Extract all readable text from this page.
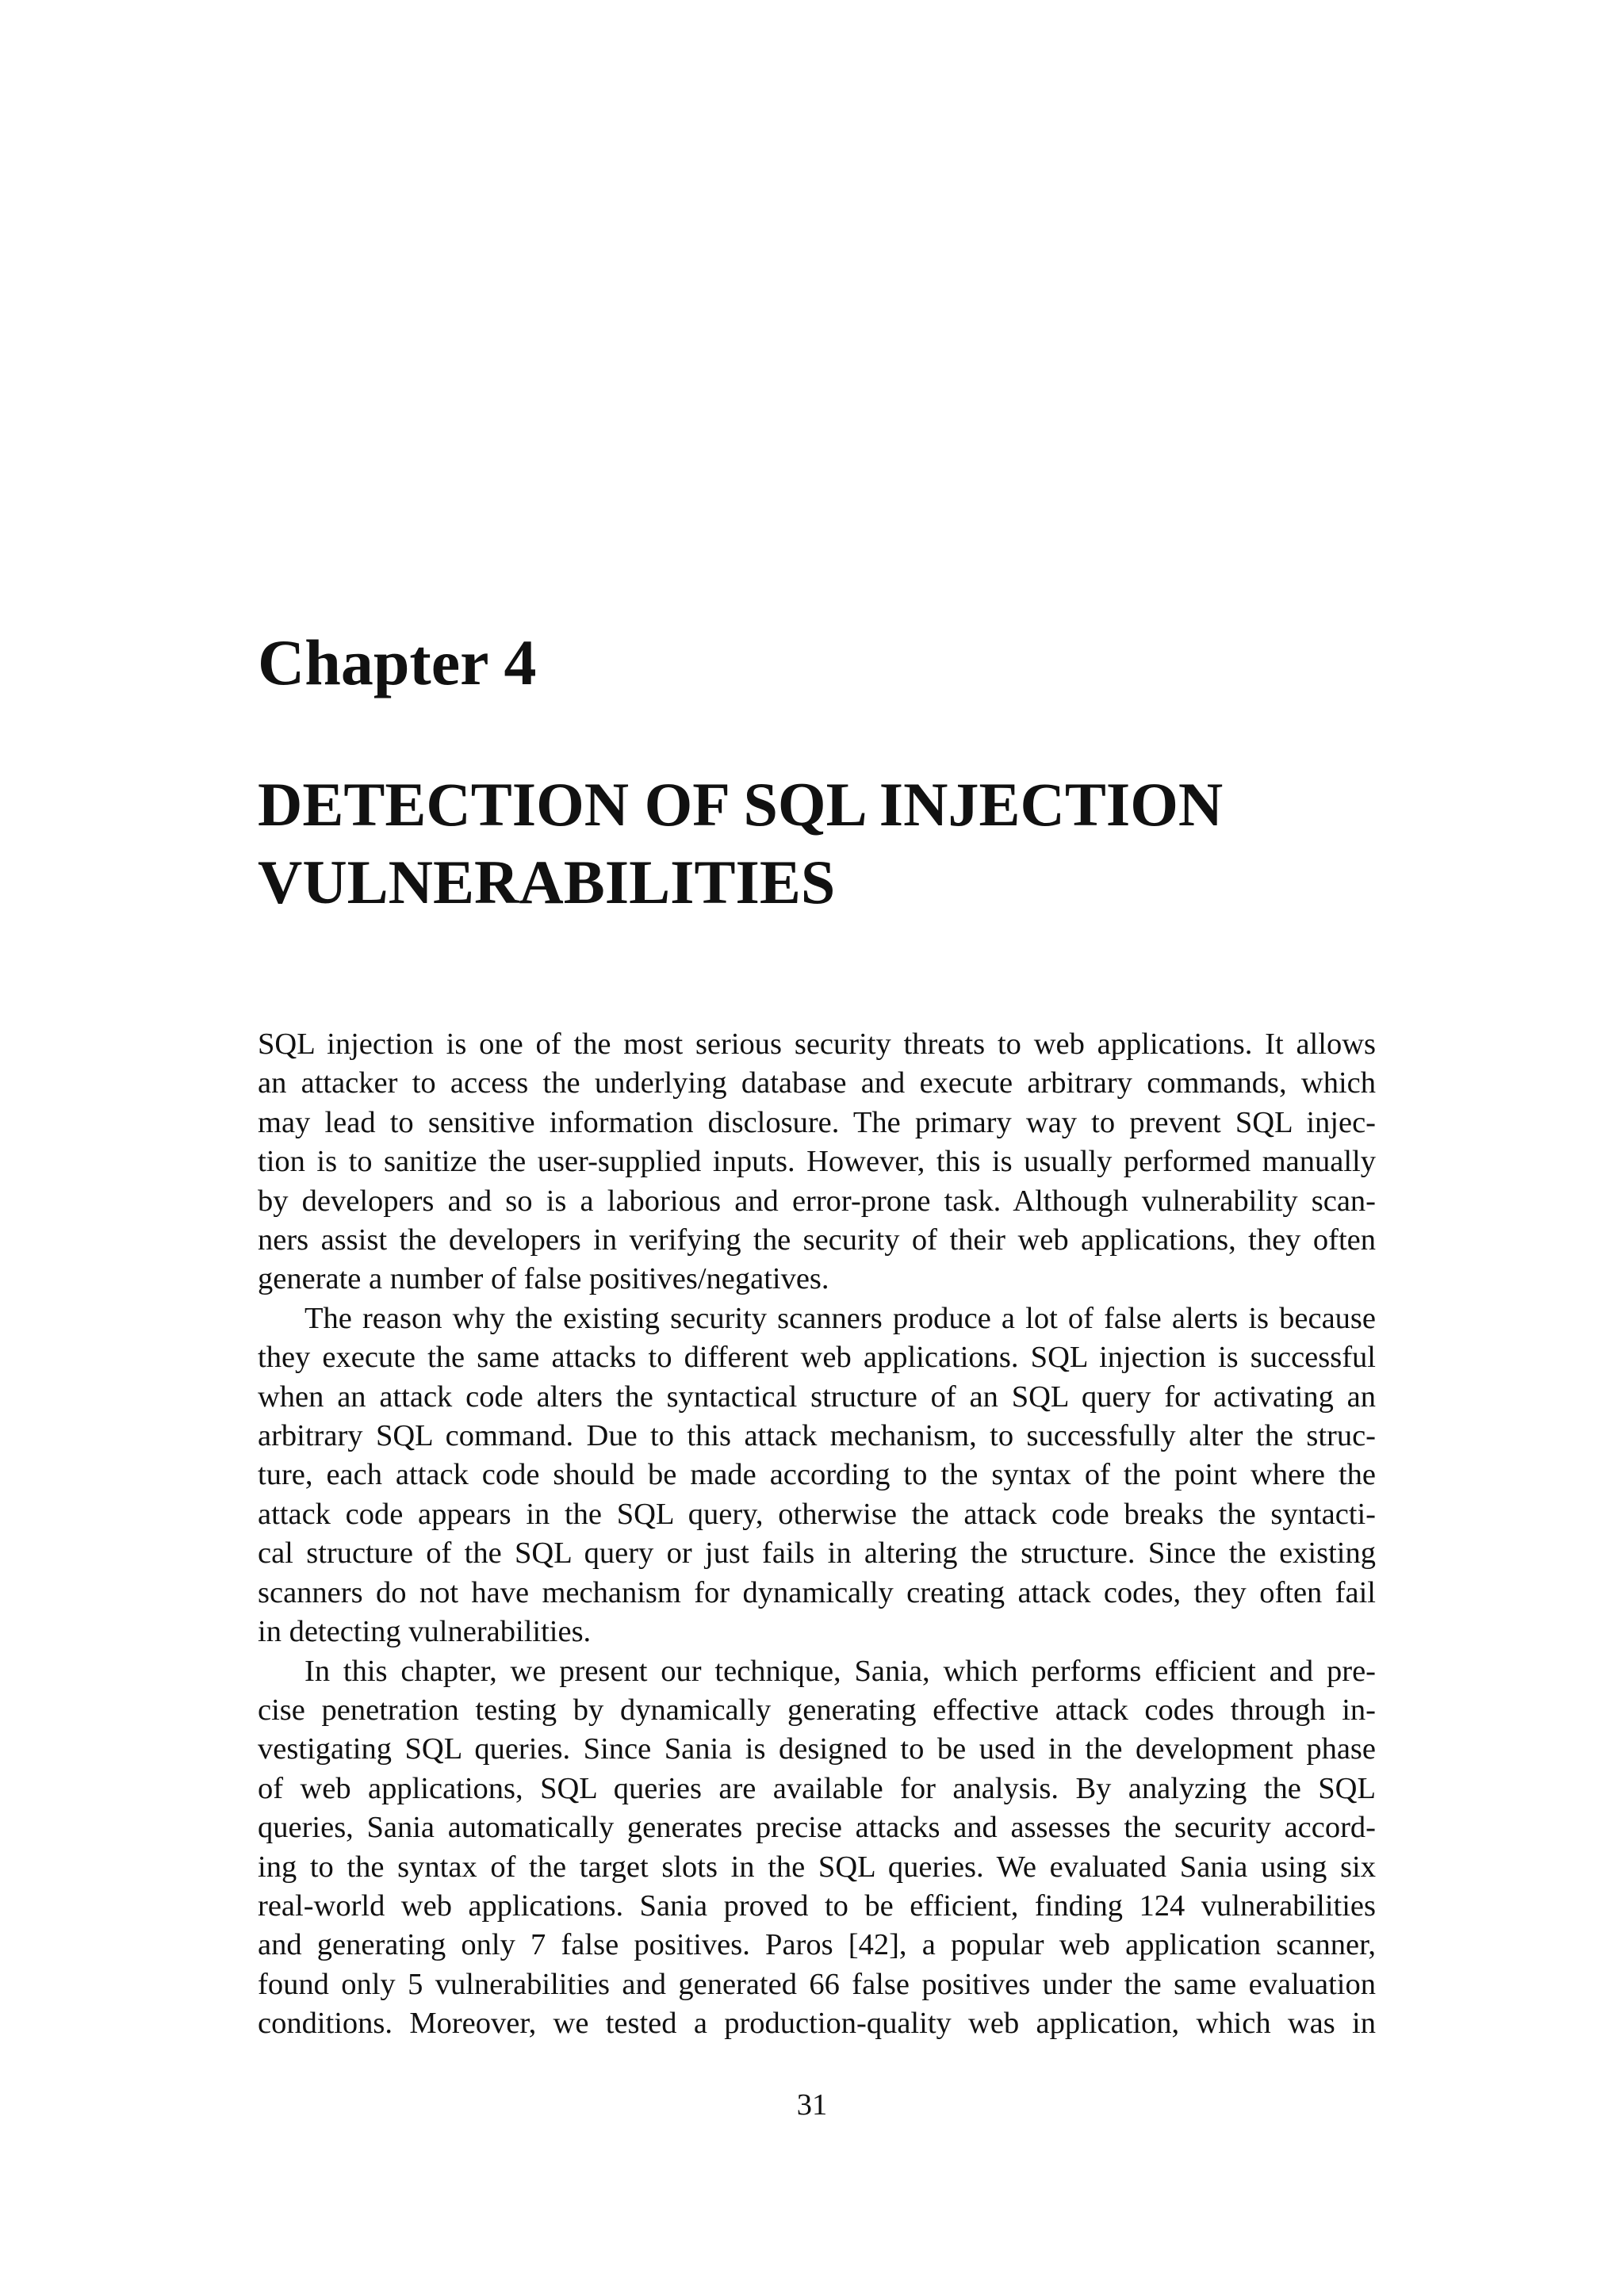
Chapter 4
DETECTION OF SQL INJECTION
VULNERABILITIES
SQL injection is one of the most serious security threats to web applications. It allows
an attacker to access the underlying database and execute arbitrary commands, which
may lead to sensitive information disclosure. The primary way to prevent SQL injec-
tion is to sanitize the user-supplied inputs. However, this is usually performed manually
by developers and so is a laborious and error-prone task. Although vulnerability scan-
ners assist the developers in verifying the security of their web applications, they often
generate a number of false positives/negatives.
The reason why the existing security scanners produce a lot of false alerts is because
they execute the same attacks to different web applications. SQL injection is successful
when an attack code alters the syntactical structure of an SQL query for activating an
arbitrary SQL command. Due to this attack mechanism, to successfully alter the struc-
ture, each attack code should be made according to the syntax of the point where the
attack code appears in the SQL query, otherwise the attack code breaks the syntacti-
cal structure of the SQL query or just fails in altering the structure. Since the existing
scanners do not have mechanism for dynamically creating attack codes, they often fail
in detecting vulnerabilities.
In this chapter, we present our technique, Sania, which performs efficient and pre-
cise penetration testing by dynamically generating effective attack codes through in-
vestigating SQL queries. Since Sania is designed to be used in the development phase
of web applications, SQL queries are available for analysis. By analyzing the SQL
queries, Sania automatically generates precise attacks and assesses the security accord-
ing to the syntax of the target slots in the SQL queries. We evaluated Sania using six
real-world web applications. Sania proved to be efficient, finding 124 vulnerabilities
and generating only 7 false positives. Paros [42], a popular web application scanner,
found only 5 vulnerabilities and generated 66 false positives under the same evaluation
conditions. Moreover, we tested a production-quality web application, which was in
31
